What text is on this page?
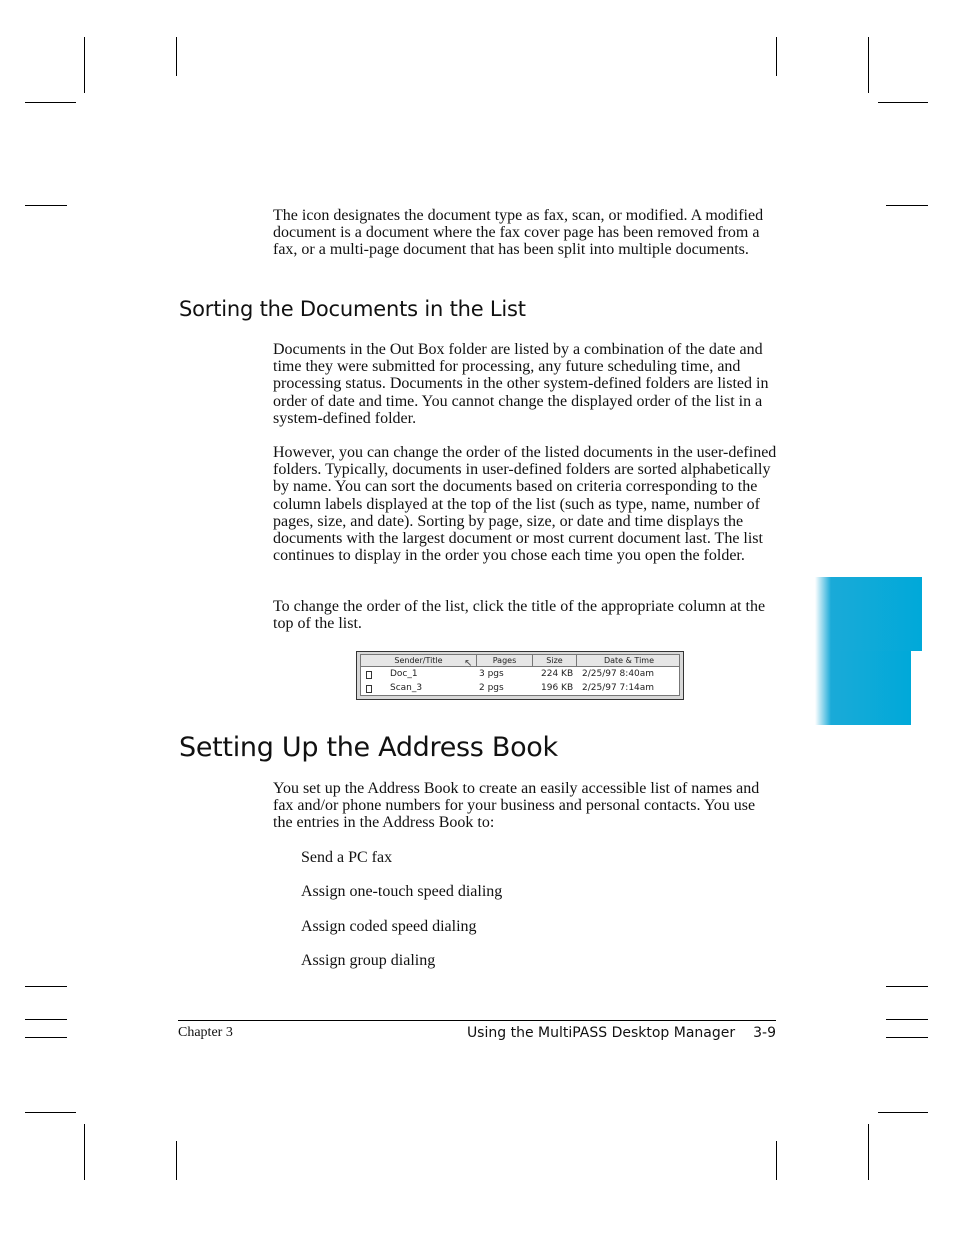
The icon designates the document type as fax, scan, or modified. A modified document is a document where the fax cover page has been removed from a fax, or a multi-page document that has been split into multiple documents.

Sorting the Documents in the List

Documents in the Out Box folder are listed by a combination of the date and time they were submitted for processing, any future scheduling time, and processing status. Documents in the other system-defined folders are listed in order of date and time. You cannot change the displayed order of the list in a system-defined folder.

However, you can change the order of the listed documents in the user-defined folders. Typically, documents in user-defined folders are sorted alphabetically by name. You can sort the documents based on criteria corresponding to the column labels displayed at the top of the list (such as type, name, number of pages, size, and date). Sorting by page, size, or date and time displays the documents with the largest document or most current document last. The list continues to display in the order you chose each time you open the folder.

To change the order of the list, click the title of the appropriate column at the top of the list.

Sender/Title	Pages	Size	Date & Time
↖
Doc_1	3 pgs	224 KB 2/25/97 8:40am
Scan_3	2 pgs	196 KB 2/25/97 7:14am
Setting Up the Address Book

You set up the Address Book to create an easily accessible list of names and fax and/or phone numbers for your business and personal contacts. You use the entries in the Address Book to:

Send a PC fax

Assign one-touch speed dialing

Assign coded speed dialing

Assign group dialing

Chapter 3	Using the MultiPASS Desktop Manager 3-9
